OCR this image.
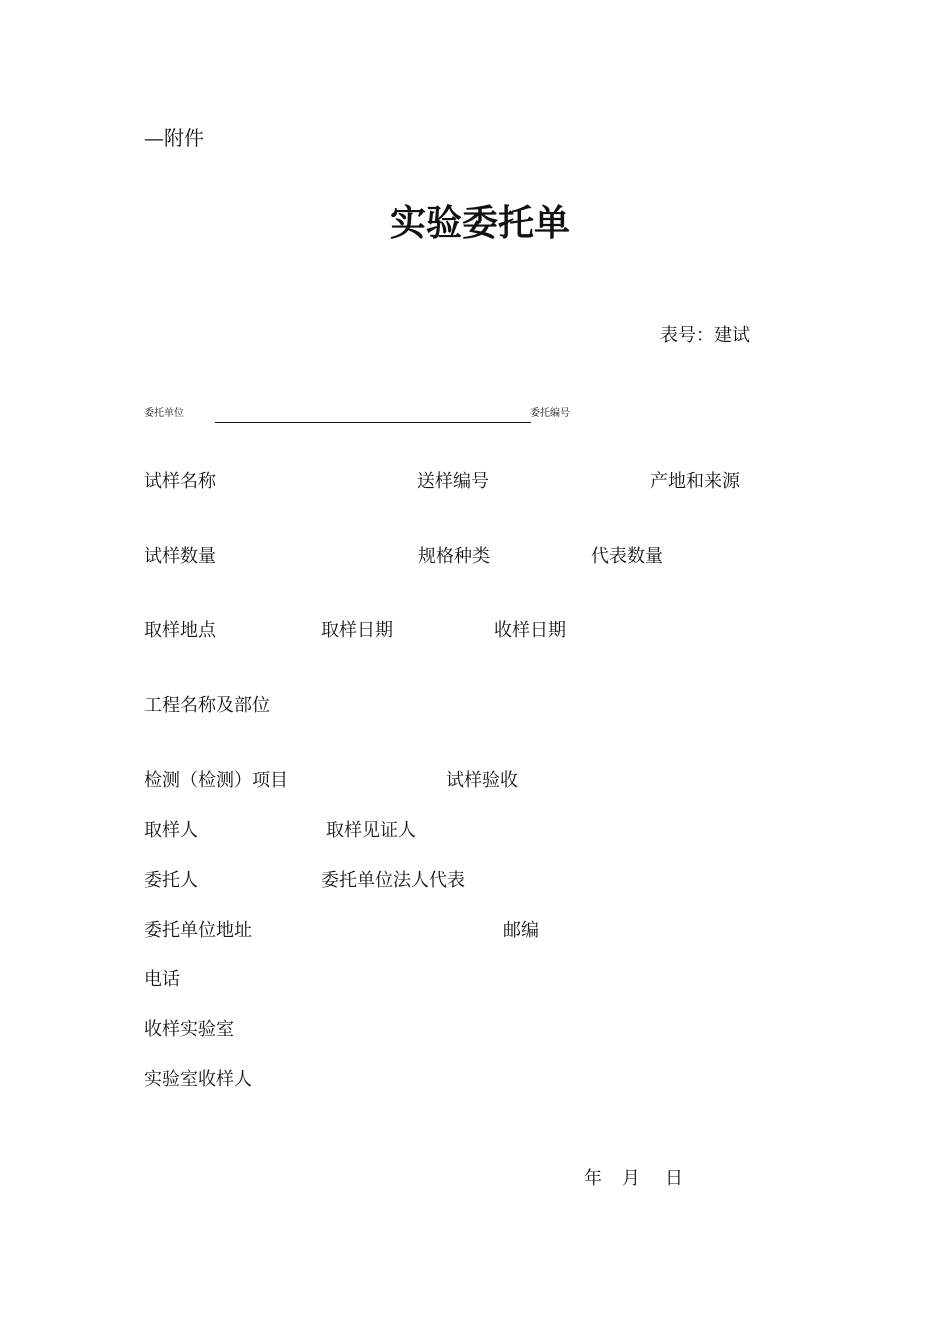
—附件
实验委托单
表号：建试
委托单位	委托编号
试样名称	送样编号	产地和来源
试样数量	规格种类	代表数量
取样地点	取样日期	收样日期
工程名称及部位
检测（检测）项目	试样验收
取样人	取样见证人
委托人	委托单位法人代表
委托单位地址	邮编
电话
收样实验室
实验室收样人
年 月 日
